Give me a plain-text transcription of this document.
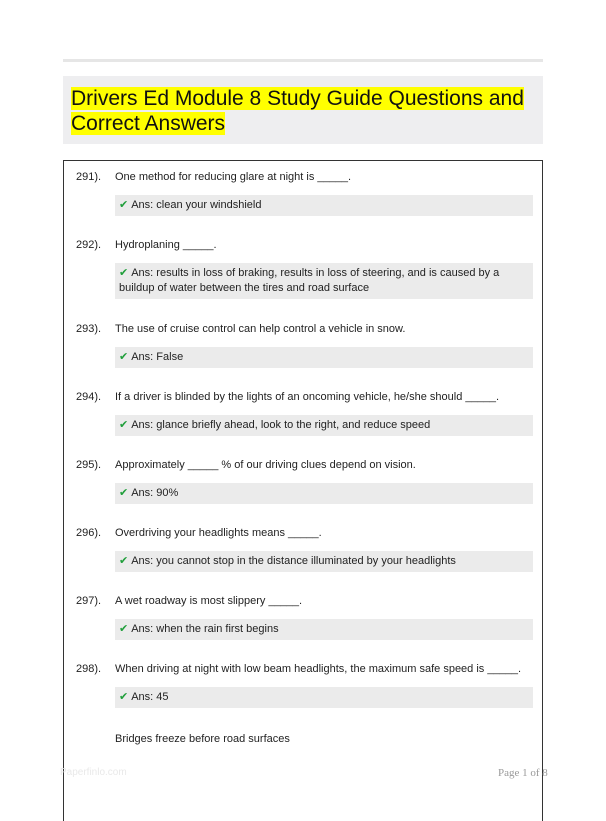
Drivers Ed Module 8 Study Guide Questions and
Correct Answers
291). One method for reducing glare at night is _____.
✔ Ans: clean your windshield
292). Hydroplaning _____.
✔ Ans: results in loss of braking, results in loss of steering, and is caused by a buildup of water between the tires and road surface
293). The use of cruise control can help control a vehicle in snow.
✔ Ans: False
294). If a driver is blinded by the lights of an oncoming vehicle, he/she should _____.
✔ Ans: glance briefly ahead, look to the right, and reduce speed
295). Approximately _____ % of our driving clues depend on vision.
✔ Ans: 90%
296). Overdriving your headlights means _____.
✔ Ans: you cannot stop in the distance illuminated by your headlights
297). A wet roadway is most slippery _____.
✔ Ans: when the rain first begins
298). When driving at night with low beam headlights, the maximum safe speed is _____.
✔ Ans: 45
Bridges freeze before road surfaces
Paperfinlo.com	Page 1 of 8
